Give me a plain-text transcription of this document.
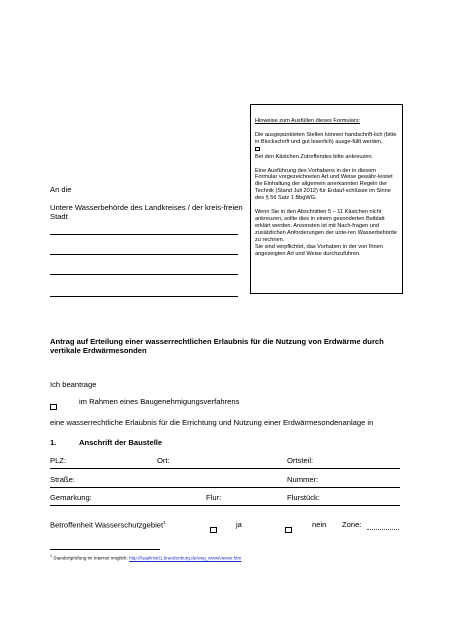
Hinweise zum Ausfüllen dieses Formulars:

Die ausgepunkteten Stellen können handschrift-lich (bitte in Blockschrift und gut leserlich) ausge-füllt werden.

Bei den Kästchen Zutreffendes bitte ankreuzen.

Eine Ausführung des Vorhabens in der in diesem Formular vorgezeichneten Art und Weise gewähr-leistet die Einhaltung der allgemein anerkannten Regeln der Technik (Stand Juli 2012) für Erdauf-schlüsse im Sinne des § 56 Satz 1 BbgWG.

Wenn Sie in den Abschnitten 5 – 11 Kästchen nicht ankreuzen, sollte dies in einem gesonderten Beiblatt erklärt werden. Ansonsten ist mit Nach-fragen und zusätzlichen Anforderungen der unte-ren Wasserbehörde zu rechnen.

Sie sind verpflichtet, das Vorhaben in der von Ihnen angezeigten Art und Weise durchzuführen.

An die
Untere Wasserbehörde des Landkreises / der kreis-freien Stadt
Antrag auf Erteilung einer wasserrechtlichen Erlaubnis für die Nutzung von Erdwärme durch vertikale Erdwärmesonden
Ich beantrage
im Rahmen eines Baugenehmigungsverfahrens
eine wasserrechtliche Erlaubnis für die Errichtung und Nutzung einer Erdwärmesondenanlage in
1.	Anschrift der Baustelle
PLZ:	Ort:	Ortsteil:
Straße:	Nummer:
Gemarkung:	Flur:	Flurstück:
Betroffenheit Wasserschutzgebiet$^1$	ja	nein Zone:
$^1$ Standortprüfung im Internet möglich: http://luaplims01.brandenburg.de/wsg_www/viewer.htm
